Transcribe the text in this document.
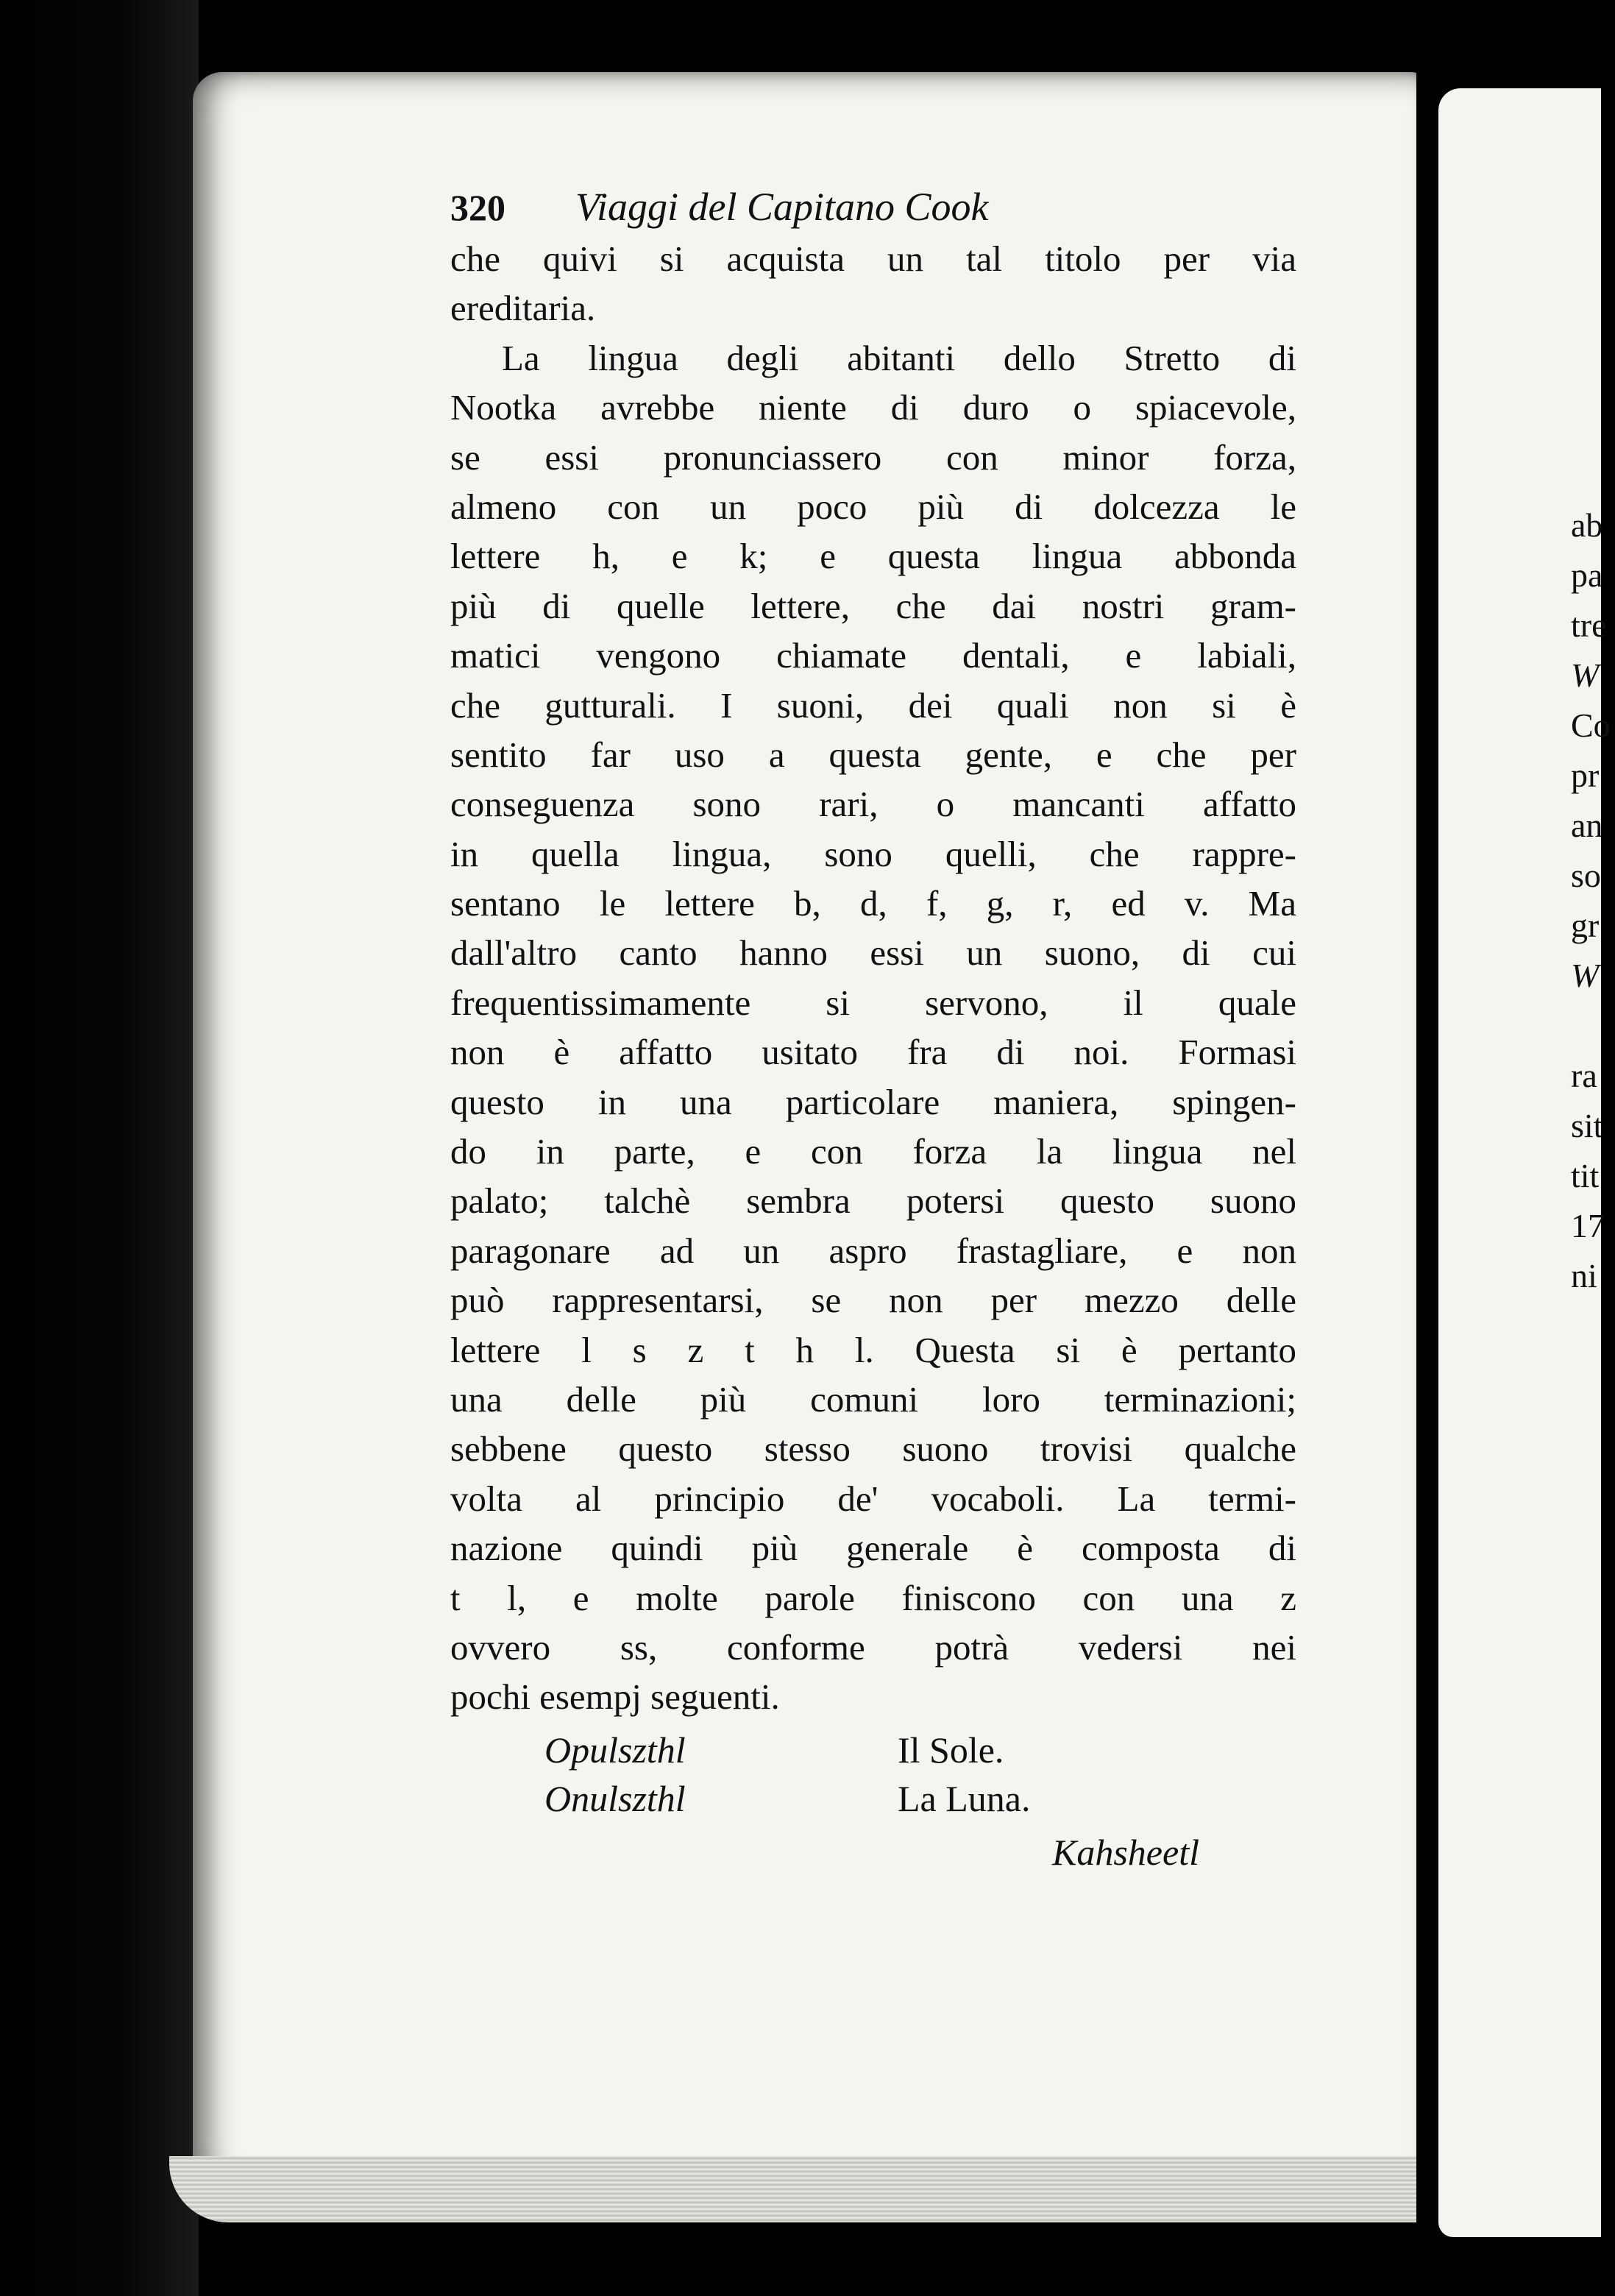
ab
pa
tre
W
Co
pr
an
so
gr
W
ra
sit
tit
17
ni
320 Viaggi del Capitano Cook
che quivi si acquista un tal titolo per via
ereditaria.
La lingua degli abitanti dello Stretto di
Nootka avrebbe niente di duro o spiacevole,
se essi pronunciassero con minor forza,
almeno con un poco più di dolcezza le
lettere h, e k; e questa lingua abbonda
più di quelle lettere, che dai nostri gram-
matici vengono chiamate dentali, e labiali,
che gutturali. I suoni, dei quali non si è
sentito far uso a questa gente, e che per
conseguenza sono rari, o mancanti affatto
in quella lingua, sono quelli, che rappre-
sentano le lettere b, d, f, g, r, ed v. Ma
dall'altro canto hanno essi un suono, di cui
frequentissimamente si servono, il quale
non è affatto usitato fra di noi. Formasi
questo in una particolare maniera, spingen-
do in parte, e con forza la lingua nel
palato; talchè sembra potersi questo suono
paragonare ad un aspro frastagliare, e non
può rappresentarsi, se non per mezzo delle
lettere l s z t h l. Questa si è pertanto
una delle più comuni loro terminazioni;
sebbene questo stesso suono trovisi qualche
volta al principio de' vocaboli. La termi-
nazione quindi più generale è composta di
t l, e molte parole finiscono con una z
ovvero ss, conforme potrà vedersi nei
pochi esempj seguenti.
Opulszthl	Il Sole.
Onulszthl	La Luna.
Kahsheetl
